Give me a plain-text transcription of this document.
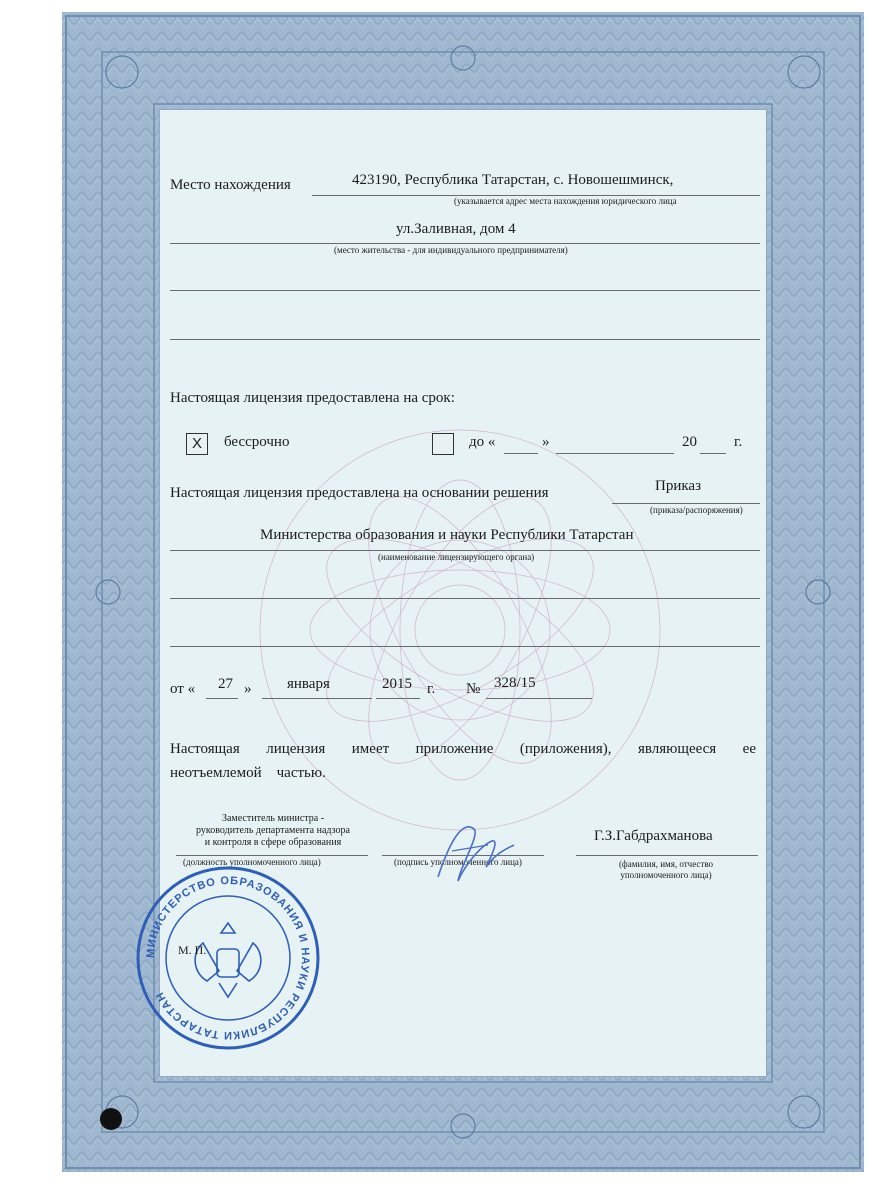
Место нахождения	423190, Республика Татарстан, с. Новошешминск,
(указывается адрес места нахождения юридического лица
ул.Заливная, дом 4
(место жительства - для индивидуального предпринимателя)
Настоящая лицензия предоставлена на срок:
X	бессрочно	до «	»	20 г.
Настоящая лицензия предоставлена на основании решения	Приказ
(приказа/распоряжения)
Министерства образования и науки Республики Татарстан
(наименование лицензирующего органа)
от « 27 » января	2015 г. № 328/15
Настоящая лицензия имеет приложение (приложения), являющееся ее
неотъемлемой    частью.
Заместитель министра -
руководитель департамента надзора
и контроля в сфере образования
(должность уполномоченного лица)	(подпись уполномоченного лица)
Г.З.Габдрахманова
(фамилия, имя, отчество
уполномоченного лица)
МИНИСТЕРСТВО ОБРАЗОВАНИЯ И НАУКИ РЕСПУБЛИКИ ТАТАРСТАН
М. П.
